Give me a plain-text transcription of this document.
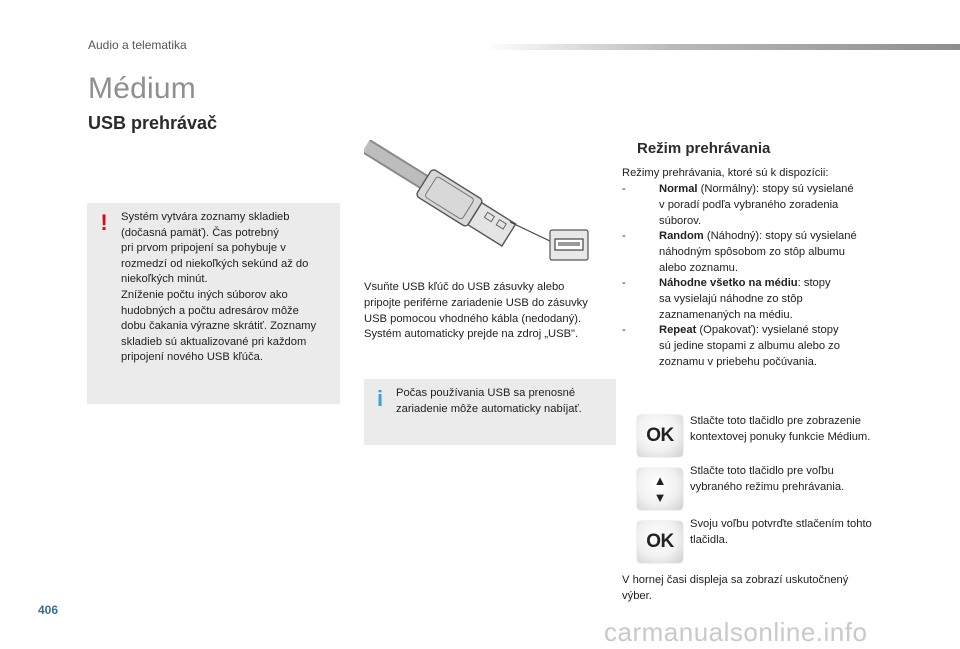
Audio a telematika
Médium
USB prehrávač
! Systém vytvára zoznamy skladieb
(dočasná pamäť). Čas potrebný
pri prvom pripojení sa pohybuje v
rozmedzí od niekoľkých sekúnd až do
niekoľkých minút.
Zníženie počtu iných súborov ako
hudobných a počtu adresárov môže
dobu čakania výrazne skrátiť. Zoznamy
skladieb sú aktualizované pri každom
pripojení nového USB kľúča.
Vsuňte USB kľúč do USB zásuvky alebo
pripojte periférne zariadenie USB do zásuvky
USB pomocou vhodného kábla (nedodaný).
Systém automaticky prejde na zdroj „USB".
i	Počas používania USB sa prenosné
zariadenie môže automaticky nabíjať.
Režim prehrávania
Režimy prehrávania, ktoré sú k dispozícii:
-	Normal (Normálny): stopy sú vysielané
v poradí podľa vybraného zoradenia
súborov.
-	Random (Náhodný): stopy sú vysielané
náhodným spôsobom zo stôp albumu
alebo zoznamu.
-	Náhodne všetko na médiu: stopy
sa vysielajú náhodne zo stôp
zaznamenaných na médiu.
-	Repeat (Opakovať): vysielané stopy
sú jedine stopami z albumu alebo zo
zoznamu v priebehu počúvania.
OK
Stlačte toto tlačidlo pre zobrazenie
kontextovej ponuky funkcie Médium.
▲
▼
Stlačte toto tlačidlo pre voľbu
vybraného režimu prehrávania.
OK
Svoju voľbu potvrďte stlačením tohto
tlačidla.
V hornej časi displeja sa zobrazí uskutočnený
výber.
406
carmanualsonline.info
